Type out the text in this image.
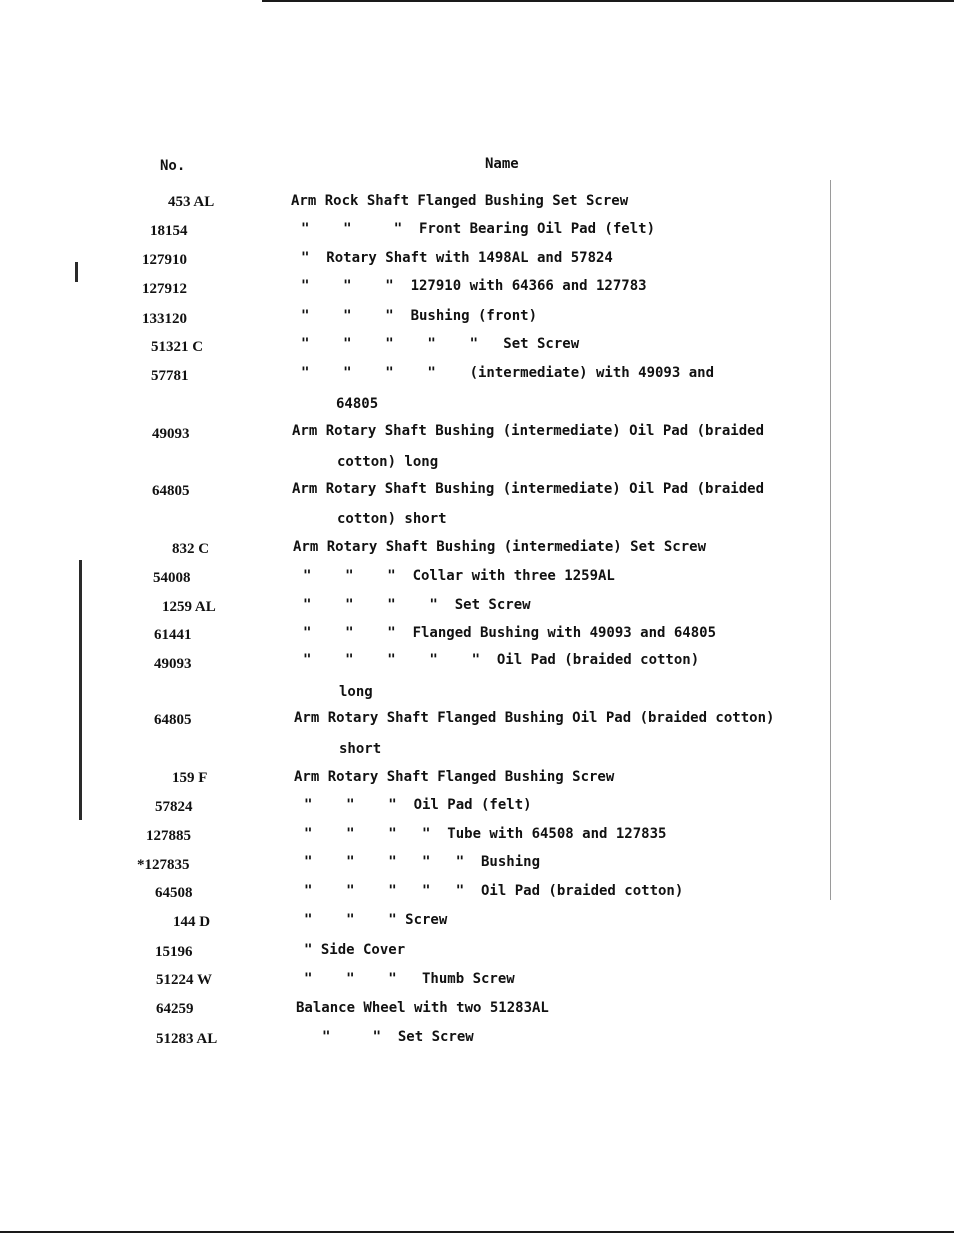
No.	Name
453 AL	Arm Rock Shaft Flanged Bushing Set Screw
18154	"    "     "  Front Bearing Oil Pad (felt)
127910	"  Rotary Shaft with 1498AL and 57824
127912	"    "    "  127910 with 64366 and 127783
133120	"    "    "  Bushing (front)
51321 C	"    "    "    "    "   Set Screw
57781	"    "    "    "    (intermediate) with 49093 and
64805
49093	Arm Rotary Shaft Bushing (intermediate) Oil Pad (braided
cotton) long
64805	Arm Rotary Shaft Bushing (intermediate) Oil Pad (braided
cotton) short
832 C	Arm Rotary Shaft Bushing (intermediate) Set Screw
54008	"    "    "  Collar with three 1259AL
1259 AL	"    "    "    "  Set Screw
61441	"    "    "  Flanged Bushing with 49093 and 64805
49093	"    "    "    "    "  Oil Pad (braided cotton)
long
64805	Arm Rotary Shaft Flanged Bushing Oil Pad (braided cotton)
short
159 F	Arm Rotary Shaft Flanged Bushing Screw
57824	"    "    "  Oil Pad (felt)
127885	"    "    "   "  Tube with 64508 and 127835
*127835	"    "    "   "   "  Bushing
64508	"    "    "   "   "  Oil Pad (braided cotton)
144 D	"    "    " Screw
15196	" Side Cover
51224 W	"    "    "   Thumb Screw
64259	Balance Wheel with two 51283AL
51283 AL	"     "  Set Screw
